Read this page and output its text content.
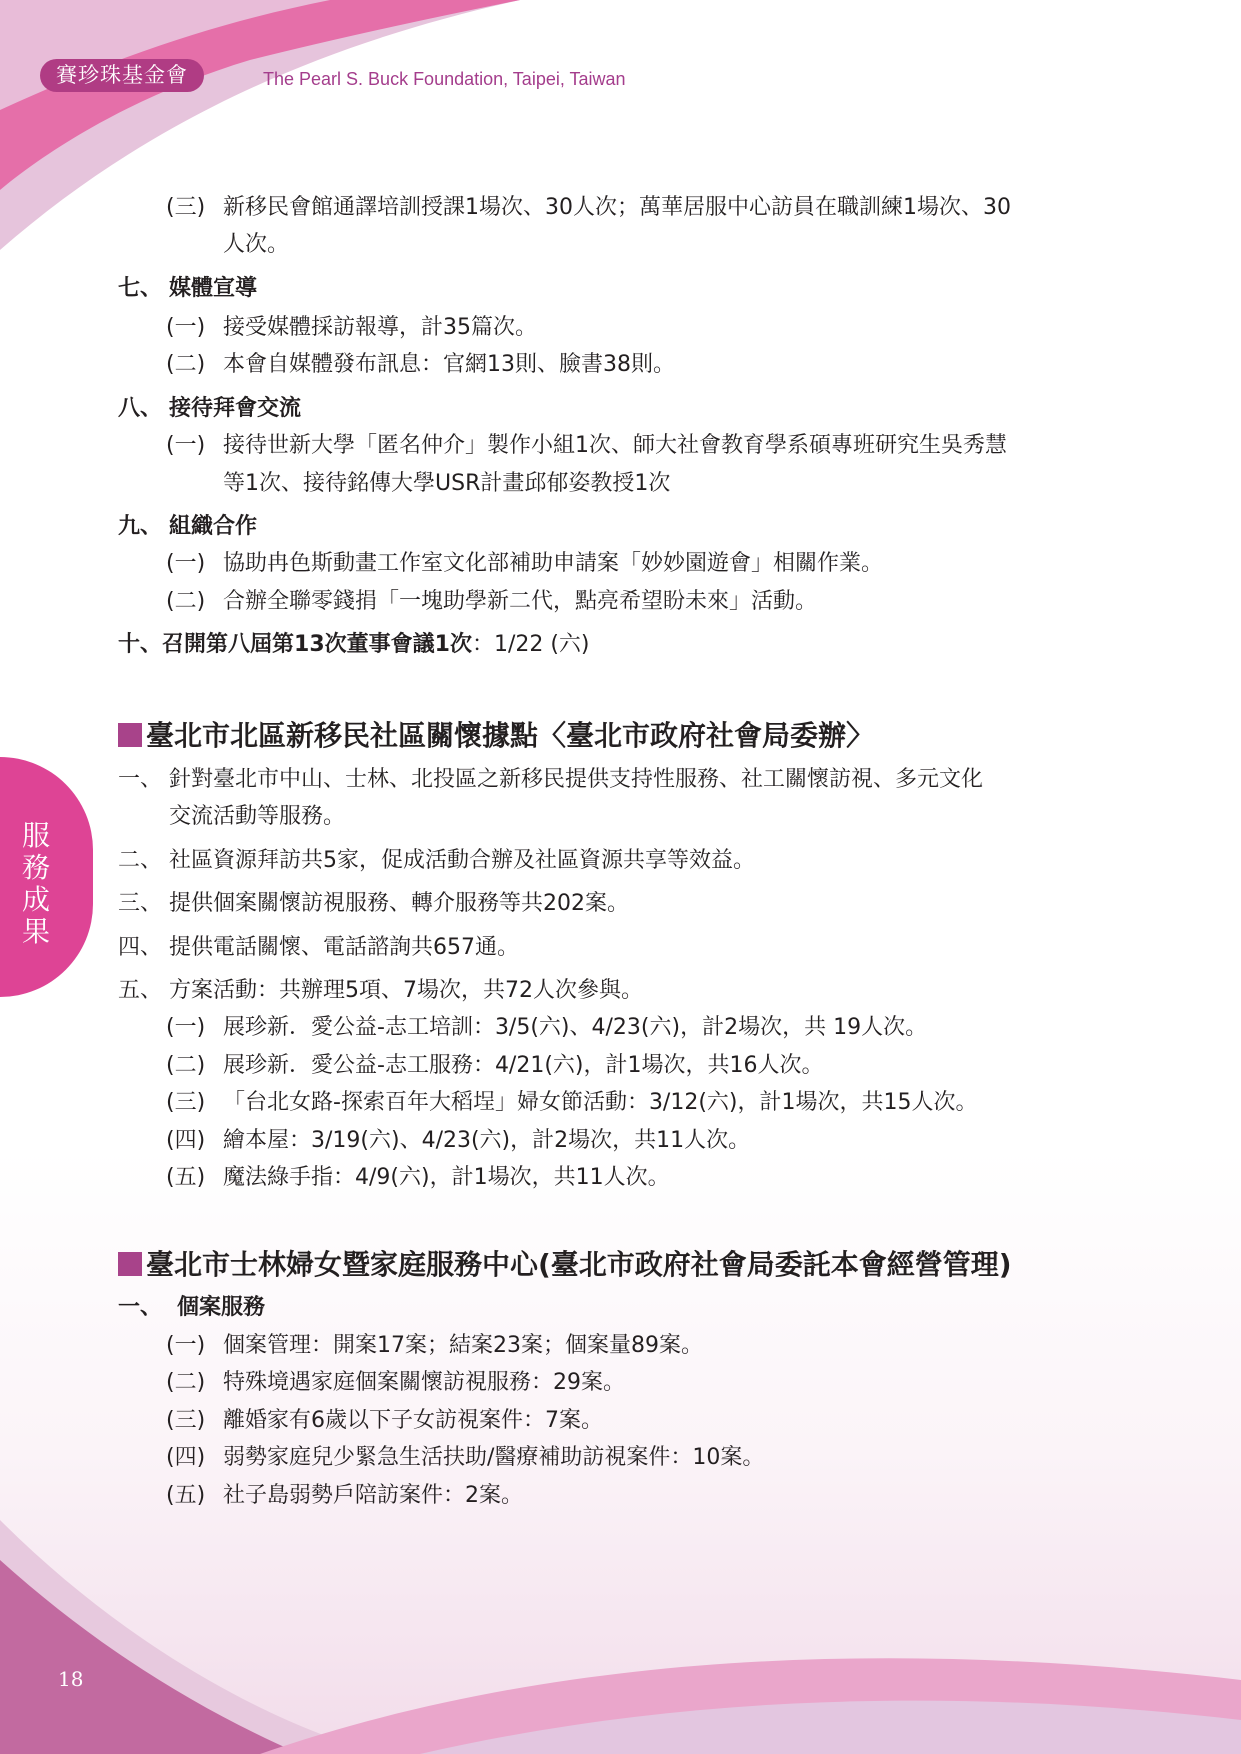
賽珍珠基金會	The Pearl S. Buck Foundation, Taipei, Taiwan
服務成果
18
(三) 新移民會館通譯培訓授課1場次、30人次；萬華居服中心訪員在職訓練1場次、30
人次。
七、 媒體宣導
(一) 接受媒體採訪報導，計35篇次。
(二) 本會自媒體發布訊息：官網13則、臉書38則。
八、 接待拜會交流
(一) 接待世新大學「匿名仲介」製作小組1次、師大社會教育學系碩專班研究生吳秀慧
等1次、接待銘傳大學USR計畫邱郁姿教授1次
九、 組織合作
(一) 協助冉色斯動畫工作室文化部補助申請案「妙妙園遊會」相關作業。
(二) 合辦全聯零錢捐「一塊助學新二代，點亮希望盼未來」活動。
十、召開第八屆第13次董事會議1次：1/22 (六)
臺北市北區新移民社區關懷據點〈臺北市政府社會局委辦〉
一、 針對臺北市中山、士林、北投區之新移民提供支持性服務、社工關懷訪視、多元文化
交流活動等服務。
二、 社區資源拜訪共5家，促成活動合辦及社區資源共享等效益。
三、 提供個案關懷訪視服務、轉介服務等共202案。
四、 提供電話關懷、電話諮詢共657通。
五、 方案活動：共辦理5項、7場次，共72人次參與。
(一) 展珍新．愛公益-志工培訓：3/5(六)、4/23(六)，計2場次，共 19人次。
(二) 展珍新．愛公益-志工服務：4/21(六)，計1場次，共16人次。
(三) 「台北女路-探索百年大稻埕」婦女節活動：3/12(六)，計1場次，共15人次。
(四) 繪本屋：3/19(六)、4/23(六)，計2場次，共11人次。
(五) 魔法綠手指：4/9(六)，計1場次，共11人次。
臺北市士林婦女暨家庭服務中心(臺北市政府社會局委託本會經營管理)
一、 個案服務
(一) 個案管理：開案17案；結案23案；個案量89案。
(二) 特殊境遇家庭個案關懷訪視服務：29案。
(三) 離婚家有6歲以下子女訪視案件：7案。
(四) 弱勢家庭兒少緊急生活扶助/醫療補助訪視案件：10案。
(五) 社子島弱勢戶陪訪案件：2案。
